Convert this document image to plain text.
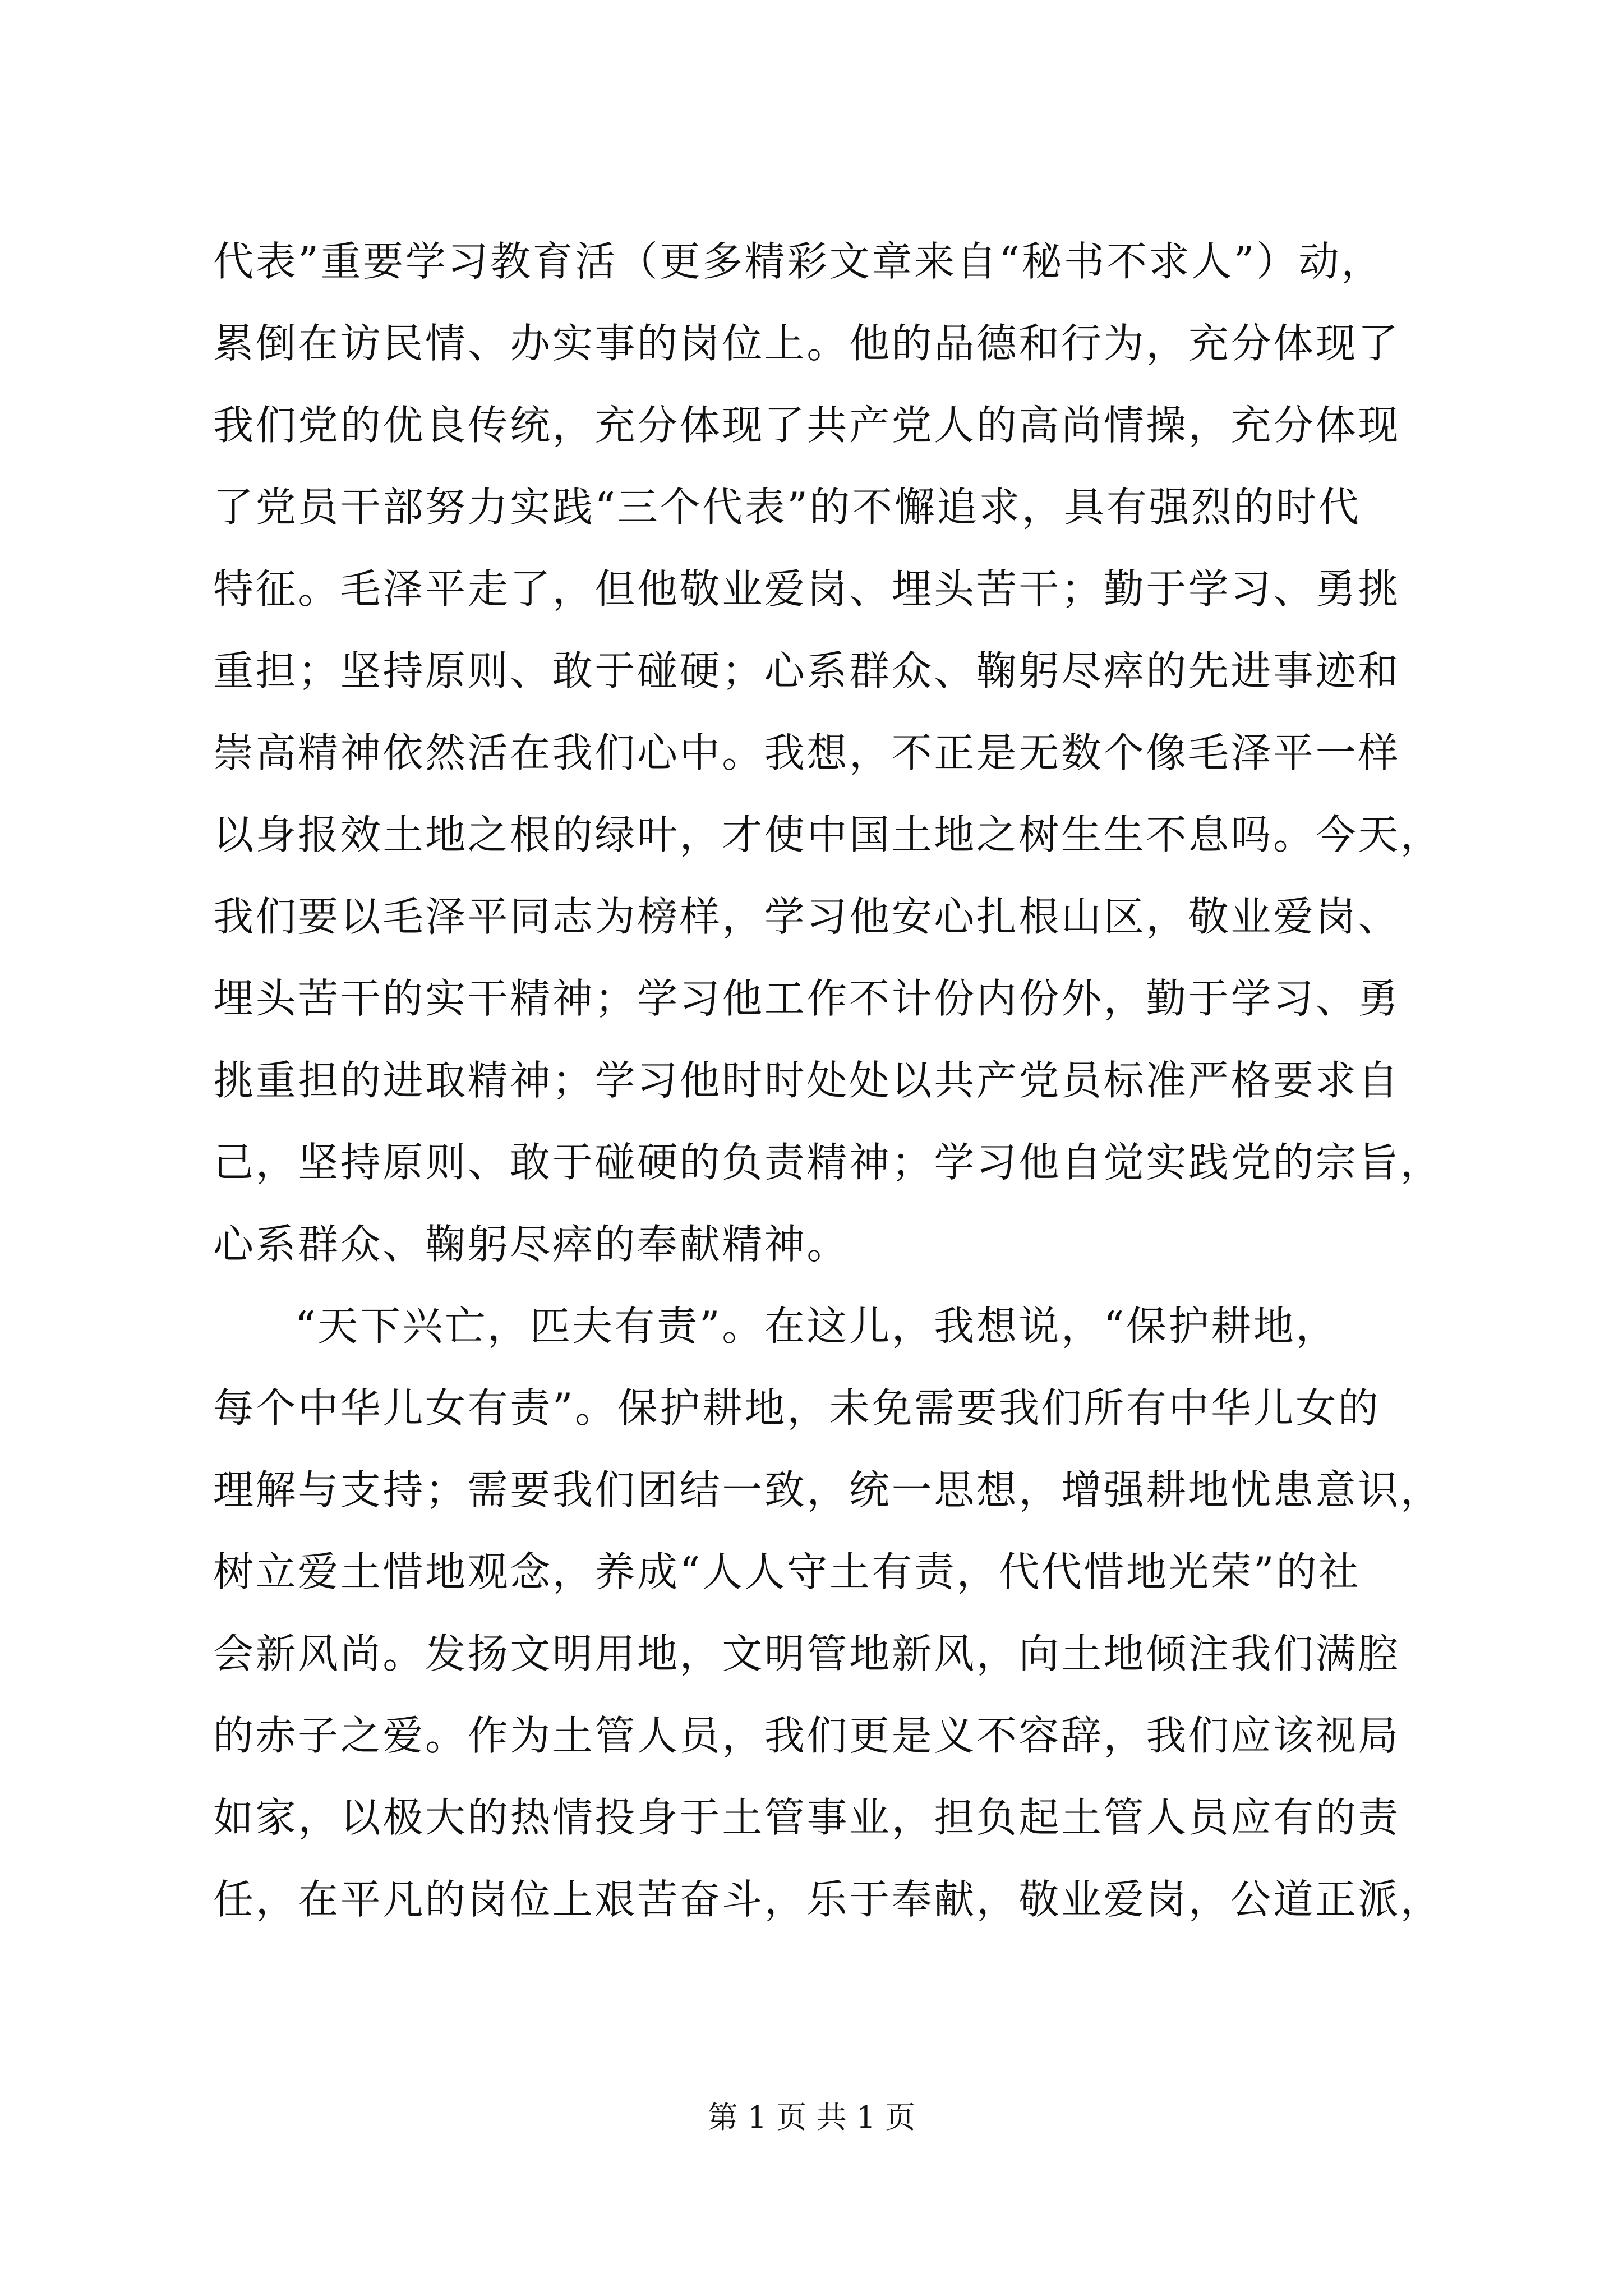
代表”重要学习教育活（更多精彩文章来自“秘书不求人”）动，
累倒在访民情、办实事的岗位上。他的品德和行为，充分体现了
我们党的优良传统，充分体现了共产党人的高尚情操，充分体现
了党员干部努力实践“三个代表”的不懈追求，具有强烈的时代
特征。毛泽平走了，但他敬业爱岗、埋头苦干；勤于学习、勇挑
重担；坚持原则、敢于碰硬；心系群众、鞠躬尽瘁的先进事迹和
崇高精神依然活在我们心中。我想，不正是无数个像毛泽平一样
以身报效土地之根的绿叶，才使中国土地之树生生不息吗。今天，
我们要以毛泽平同志为榜样，学习他安心扎根山区，敬业爱岗、
埋头苦干的实干精神；学习他工作不计份内份外，勤于学习、勇
挑重担的进取精神；学习他时时处处以共产党员标准严格要求自
己，坚持原则、敢于碰硬的负责精神；学习他自觉实践党的宗旨，
心系群众、鞠躬尽瘁的奉献精神。
“天下兴亡，匹夫有责”。在这儿，我想说，“保护耕地，
每个中华儿女有责”。保护耕地，未免需要我们所有中华儿女的
理解与支持；需要我们团结一致，统一思想，增强耕地忧患意识，
树立爱土惜地观念，养成“人人守土有责，代代惜地光荣”的社
会新风尚。发扬文明用地，文明管地新风，向土地倾注我们满腔
的赤子之爱。作为土管人员，我们更是义不容辞，我们应该视局
如家，以极大的热情投身于土管事业，担负起土管人员应有的责
任，在平凡的岗位上艰苦奋斗，乐于奉献，敬业爱岗，公道正派，
第 1 页 共 1 页
